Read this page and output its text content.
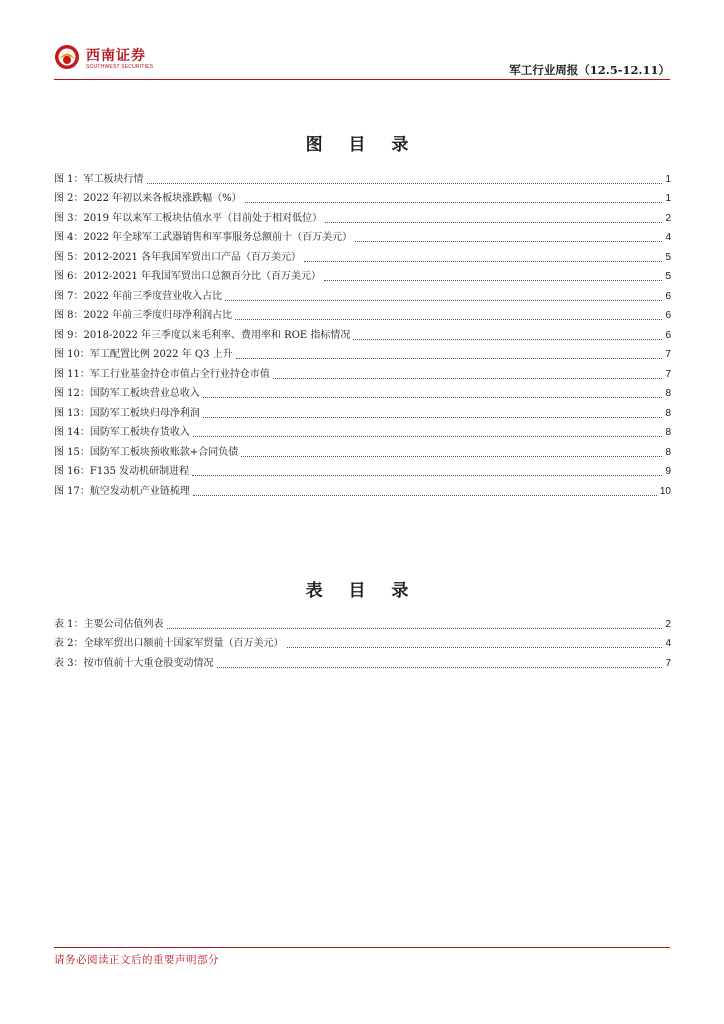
西南证券
SOUTHWEST SECURITIES	军工行业周报（12.5-12.11）
图 目 录
图 1：军工板块行情	1
图 2：2022 年初以来各板块涨跌幅（%）	1
图 3：2019 年以来军工板块估值水平（目前处于相对低位）	2
图 4：2022 年全球军工武器销售和军事服务总额前十（百万美元）	4
图 5：2012-2021 各年我国军贸出口产品（百万美元）	5
图 6：2012-2021 年我国军贸出口总额百分比（百万美元）	5
图 7：2022 年前三季度营业收入占比	6
图 8：2022 年前三季度归母净利润占比	6
图 9：2018-2022 年三季度以来毛利率、费用率和 ROE 指标情况	6
图 10：军工配置比例 2022 年 Q3 上升	7
图 11：军工行业基金持仓市值占全行业持仓市值	7
图 12：国防军工板块营业总收入	8
图 13：国防军工板块归母净利润	8
图 14：国防军工板块存货收入	8
图 15：国防军工板块预收账款+合同负债	8
图 16：F135 发动机研制进程	9
图 17：航空发动机产业链梳理	10
表 目 录
表 1：主要公司估值列表	2
表 2：全球军贸出口额前十国家军贸量（百万美元）	4
表 3：按市值前十大重仓股变动情况	7
请务必阅读正文后的重要声明部分
